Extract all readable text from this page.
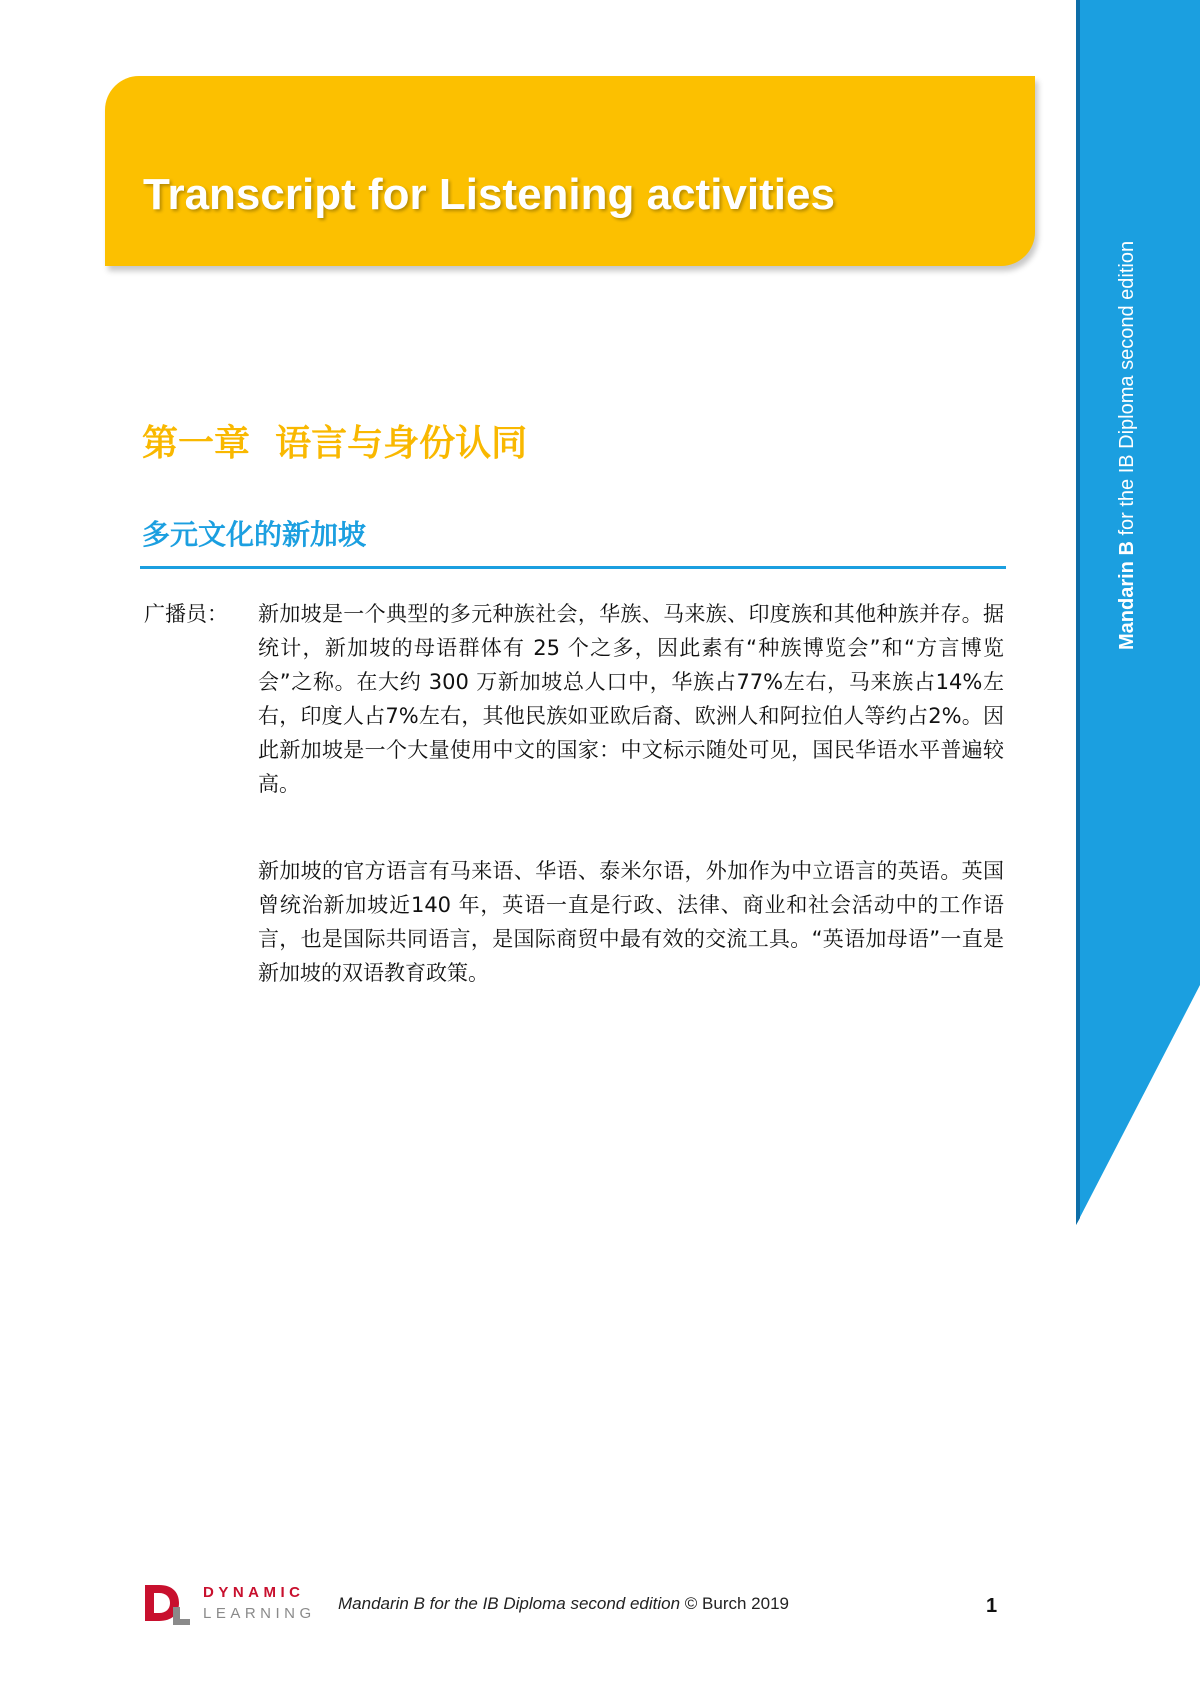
Mandarin B for the IB Diploma second edition
Transcript for Listening activities
第一章  语言与身份认同
多元文化的新加坡
广播员： 新加坡是一个典型的多元种族社会，华族、马来族、印度族和其他种族并存。据统计，新加坡的母语群体有 25 个之多，因此素有“种族博览会”和“方言博览会”之称。在大约 300 万新加坡总人口中，华族占77%左右，马来族占14%左右，印度人占7%左右，其他民族如亚欧后裔、欧洲人和阿拉伯人等约占2%。因此新加坡是一个大量使用中文的国家：中文标示随处可见，国民华语水平普遍较高。

新加坡的官方语言有马来语、华语、泰米尔语，外加作为中立语言的英语。英国曾统治新加坡近140 年，英语一直是行政、法律、商业和社会活动中的工作语言，也是国际共同语言，是国际商贸中最有效的交流工具。“英语加母语”一直是新加坡的双语教育政策。

DYNAMIC
LEARNING
Mandarin B for the IB Diploma second edition © Burch 2019	1
